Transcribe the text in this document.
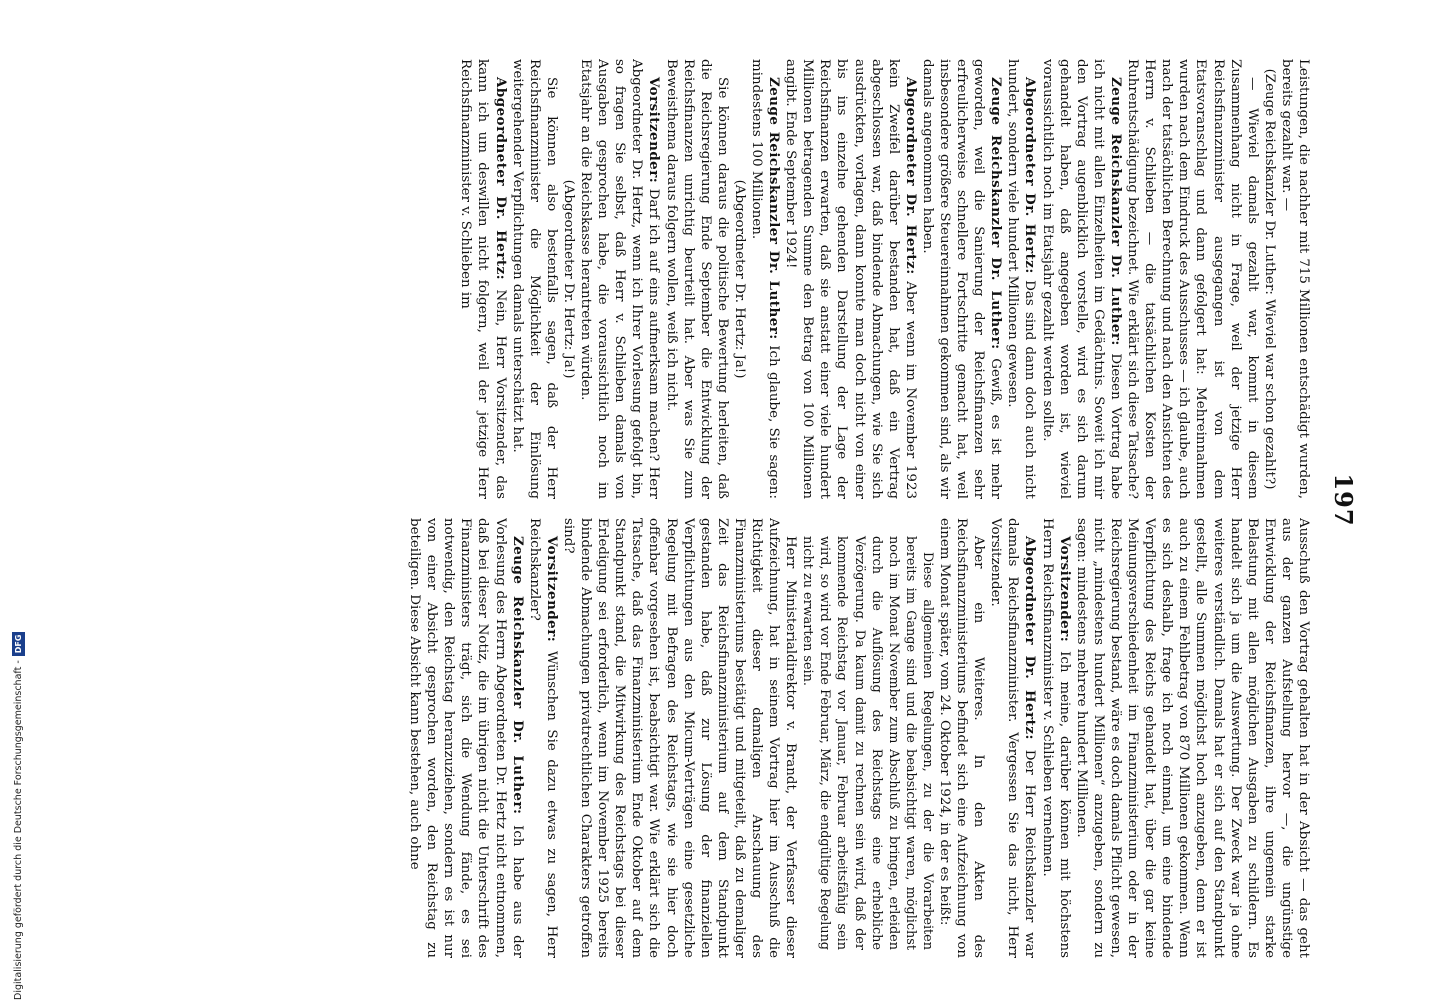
197

Leistungen, die nachher mit 715 Millionen entschädigt wurden, bereits gezahlt war. —

(Zeuge Reichskanzler Dr. Luther: Wieviel war schon gezahlt?)

— Wieviel damals gezahlt war, kommt in diesem Zusammenhang nicht in Frage, weil der jetzige Herr Reichsfinanzminister ausgegangen ist von dem Etatsvoranschlag und dann gefolgert hat: Mehreinnahmen wurden nach dem Eindruck des Ausschusses — ich glaube, auch nach der tatsächlichen Berechnung und nach den Ansichten des Herrn v. Schlieben — die tatsächlichen Kosten der Ruhrentschädigung bezeichnet. Wie erklärt sich diese Tatsache?

Zeuge Reichskanzler Dr. Luther: Diesen Vortrag habe ich nicht mit allen Einzelheiten im Gedächtnis. Soweit ich mir den Vortrag augenblicklich vorstelle, wird es sich darum gehandelt haben, daß angegeben worden ist, wieviel voraussichtlich noch im Etatsjahr gezahlt werden sollte.

Abgeordneter Dr. Hertz: Das sind dann doch auch nicht hundert, sondern viele hundert Millionen gewesen.

Zeuge Reichskanzler Dr. Luther: Gewiß, es ist mehr geworden, weil die Sanierung der Reichsfinanzen sehr erfreulicherweise schnellere Fortschritte gemacht hat, weil insbesondere größere Steuereinnahmen gekommen sind, als wir damals angenommen haben.

Abgeordneter Dr. Hertz: Aber wenn im November 1923 kein Zweifel darüber bestanden hat, daß ein Vertrag abgeschlossen war, daß bindende Abmachungen, wie Sie sich ausdrückten, vorlagen, dann konnte man doch nicht von einer bis ins einzelne gehenden Darstellung der Lage der Reichsfinanzen erwarten, daß sie anstatt einer viele hundert Millionen betragenden Summe den Betrag von 100 Millionen angibt. Ende September 1924!

Zeuge Reichskanzler Dr. Luther: Ich glaube, Sie sagen: mindestens 100 Millionen.

(Abgeordneter Dr. Hertz: Ja!)

Sie können daraus die politische Bewertung herleiten, daß die Reichsregierung Ende September die Entwicklung der Reichsfinanzen unrichtig beurteilt hat. Aber was Sie zum Beweisthema daraus folgern wollen, weiß ich nicht.

Vorsitzender: Darf ich auf eins aufmerksam machen? Herr Abgeordneter Dr. Hertz, wenn ich Ihrer Vorlesung gefolgt bin, so fragen Sie selbst, daß Herr v. Schlieben damals von Ausgaben gesprochen habe, die voraussichtlich noch im Etatsjahr an die Reichskasse herantreten würden.

(Abgeordneter Dr. Hertz: Ja!)

Sie können also bestenfalls sagen, daß der Herr Reichsfinanzminister die Möglichkeit der Einlösung weitergehender Verpflichtungen damals unterschätzt hat.

Abgeordneter Dr. Hertz: Nein, Herr Vorsitzender, das kann ich um deswillen nicht folgern, weil der jetzige Herr Reichsfinanzminister v. Schlieben im

Ausschuß den Vortrag gehalten hat in der Absicht — das geht aus der ganzen Aufstellung hervor —, die ungünstige Entwicklung der Reichsfinanzen, ihre ungemein starke Belastung mit allen möglichen Ausgaben zu schildern. Es handelt sich ja um die Auswertung. Der Zweck war ja ohne weiteres verständlich. Damals hat er sich auf den Standpunkt gestellt, alle Summen möglichst hoch anzugeben, denn er ist auch zu einem Fehlbetrag von 870 Millionen gekommen. Wenn es sich deshalb, frage ich noch einmal, um eine bindende Verpflichtung des Reichs gehandelt hat, über die gar keine Meinungsverschiedenheit im Finanzministerium oder in der Reichsregierung bestand, wäre es doch damals Pflicht gewesen, nicht „mindestens hundert Millionen“ anzugeben, sondern zu sagen: mindestens mehrere hundert Millionen.

Vorsitzender: Ich meine, darüber können mit höchstens Herrn Reichsfinanzminister v. Schlieben vernehmen.

Abgeordneter Dr. Hertz: Der Herr Reichskanzler war damals Reichsfinanzminister. Vergessen Sie das nicht, Herr Vorsitzender.

Aber ein Weiteres. In den Akten des Reichsfinanzministeriums befindet sich eine Aufzeichnung von einem Monat später, vom 24. Oktober 1924, in der es heißt:

Diese allgemeinen Regelungen, zu der die Vorarbeiten bereits im Gange sind und die beabsichtigt waren, möglichst noch im Monat November zum Abschluß zu bringen, erleiden durch die Auflösung des Reichstags eine erhebliche Verzögerung. Da kaum damit zu rechnen sein wird, daß der kommende Reichstag vor Januar, Februar arbeitsfähig sein wird, so wird vor Ende Februar, März, die endgültige Regelung nicht zu erwarten sein.

Herr Ministerialdirektor v. Brandt, der Verfasser dieser Aufzeichnung, hat in seinem Vortrag hier im Ausschuß die Richtigkeit dieser damaligen Anschauung des Finanzministeriums bestätigt und mitgeteilt, daß zu demaliger Zeit das Reichsfinanzministerium auf dem Standpunkt gestanden habe, daß zur Lösung der finanziellen Verpflichtungen aus den Micum-Verträgen eine gesetzliche Regelung mit Befragen des Reichstags, wie sie hier doch offenbar vorgesehen ist, beabsichtigt war. Wie erklärt sich die Tatsache, daß das Finanzministerium Ende Oktober auf dem Standpunkt stand, die Mitwirkung des Reichstags bei dieser Erledigung sei erforderlich, wenn im November 1925 bereits bindende Abmachungen privatrechtlichen Charakters getroffen sind?

Vorsitzender: Wünschen Sie dazu etwas zu sagen, Herr Reichskanzler?

Zeuge Reichskanzler Dr. Luther: Ich habe aus der Vorlesung des Herrn Abgeordneten Dr. Hertz nicht entnommen, daß bei dieser Notiz, die im übrigen nicht die Unterschrift des Finanzministers trägt, sich die Wendung fände, es sei notwendig, den Reichstag heranzuziehen, sondern es ist nur von einer Absicht gesprochen worden, den Reichstag zu beteiligen. Diese Absicht kann bestehen, auch ohne

Digitalisierung gefördert durch die Deutsche Forschungsgemeinschaft -
DFG
